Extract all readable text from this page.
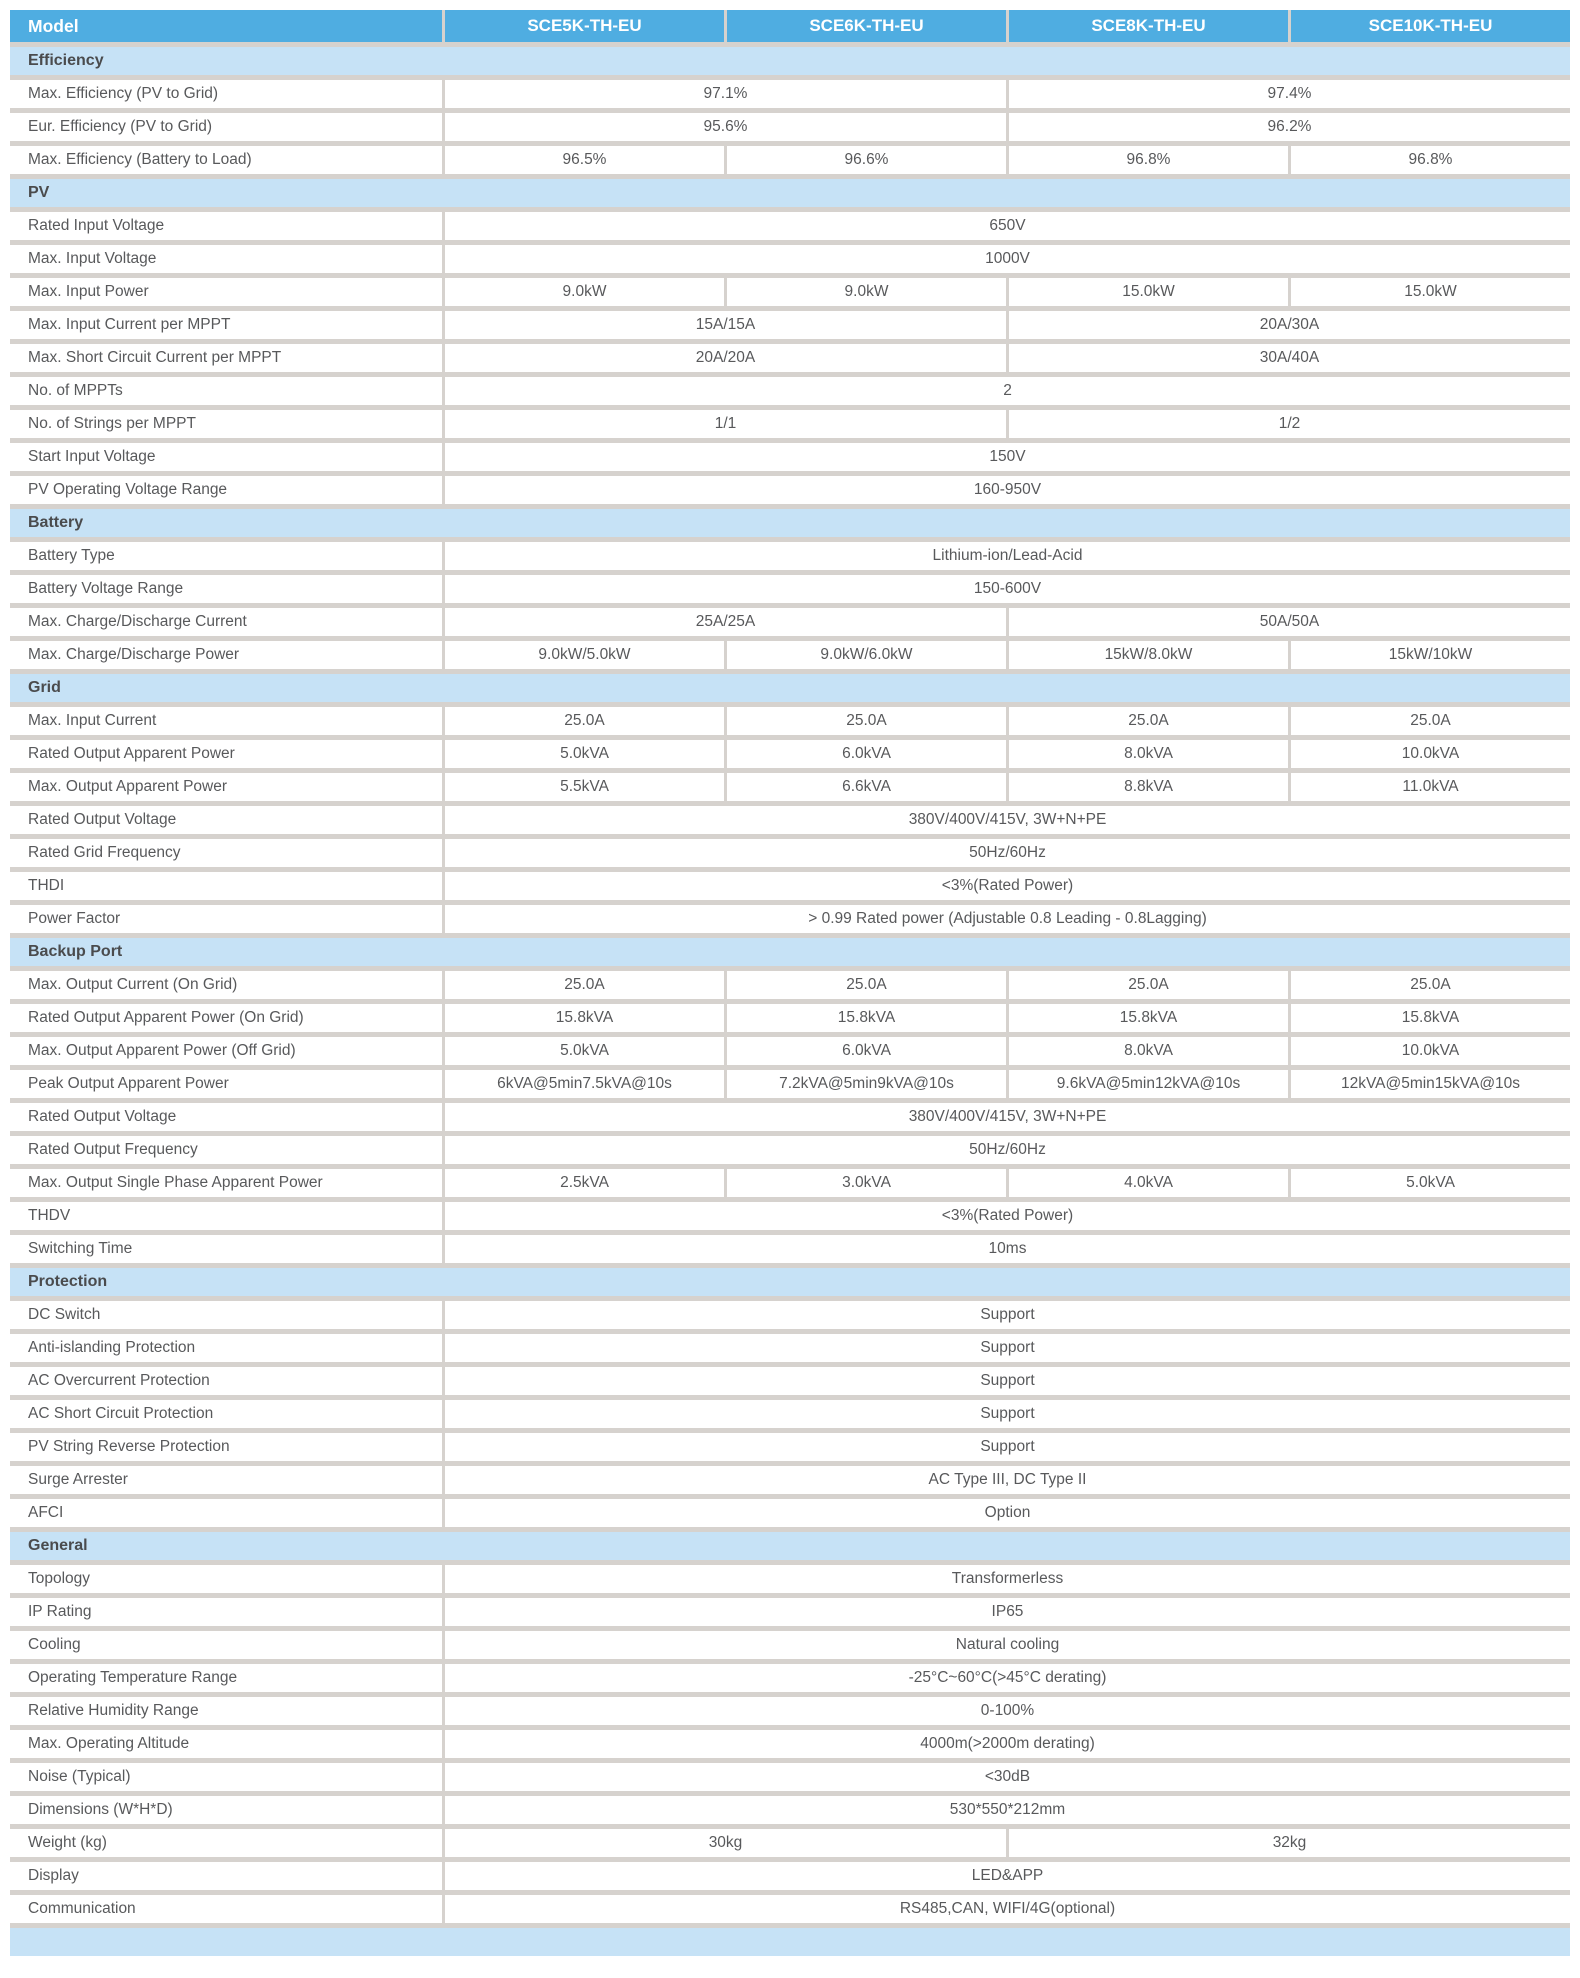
Model	SCE5K-TH-EU	SCE6K-TH-EU	SCE8K-TH-EU	SCE10K-TH-EU
Efficiency
Max. Efficiency (PV to Grid)	97.1%	97.4%
Eur. Efficiency (PV to Grid)	95.6%	96.2%
Max. Efficiency (Battery to Load)	96.5%	96.6%	96.8%	96.8%
PV
Rated Input Voltage	650V
Max. Input Voltage	1000V
Max. Input Power	9.0kW	9.0kW	15.0kW	15.0kW
Max. Input Current per MPPT	15A/15A	20A/30A
Max. Short Circuit Current per MPPT	20A/20A	30A/40A
No. of MPPTs	2
No. of Strings per MPPT	1/1	1/2
Start Input Voltage	150V
PV Operating Voltage Range	160-950V
Battery
Battery Type	Lithium-ion/Lead-Acid
Battery Voltage Range	150-600V
Max. Charge/Discharge Current	25A/25A	50A/50A
Max. Charge/Discharge Power	9.0kW/5.0kW	9.0kW/6.0kW	15kW/8.0kW	15kW/10kW
Grid
Max. Input Current	25.0A	25.0A	25.0A	25.0A
Rated Output Apparent Power	5.0kVA	6.0kVA	8.0kVA	10.0kVA
Max. Output Apparent Power	5.5kVA	6.6kVA	8.8kVA	11.0kVA
Rated Output Voltage	380V/400V/415V, 3W+N+PE
Rated Grid Frequency	50Hz/60Hz
THDI	<3%(Rated Power)
Power Factor	> 0.99 Rated power (Adjustable 0.8 Leading - 0.8Lagging)
Backup Port
Max. Output Current (On Grid)	25.0A	25.0A	25.0A	25.0A
Rated Output Apparent Power (On Grid)	15.8kVA	15.8kVA	15.8kVA	15.8kVA
Max. Output Apparent Power (Off Grid)	5.0kVA	6.0kVA	8.0kVA	10.0kVA
Peak Output Apparent Power	6kVA@5min7.5kVA@10s	7.2kVA@5min9kVA@10s	9.6kVA@5min12kVA@10s	12kVA@5min15kVA@10s
Rated Output Voltage	380V/400V/415V, 3W+N+PE
Rated Output Frequency	50Hz/60Hz
Max. Output Single Phase Apparent Power	2.5kVA	3.0kVA	4.0kVA	5.0kVA
THDV	<3%(Rated Power)
Switching Time	10ms
Protection
DC Switch	Support
Anti-islanding Protection	Support
AC Overcurrent Protection	Support
AC Short Circuit Protection	Support
PV String Reverse Protection	Support
Surge Arrester	AC Type III, DC Type II
AFCI	Option
General
Topology	Transformerless
IP Rating	IP65
Cooling	Natural cooling
Operating Temperature Range	-25°C~60°C(>45°C derating)
Relative Humidity Range	0-100%
Max. Operating Altitude	4000m(>2000m derating)
Noise (Typical)	<30dB
Dimensions (W*H*D)	530*550*212mm
Weight (kg)	30kg	32kg
Display	LED&APP
Communication	RS485,CAN, WIFI/4G(optional)
